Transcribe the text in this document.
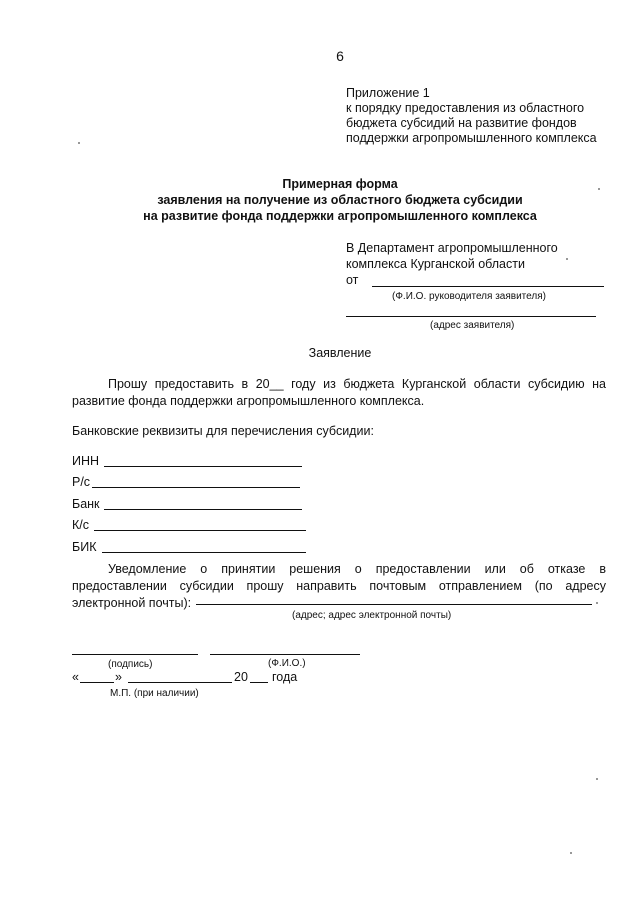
6
Приложение 1
к порядку предоставления из областного
бюджета субсидий на развитие фондов
поддержки агропромышленного комплекса
Примерная форма
заявления на получение из областного бюджета субсидии
на развитие фонда поддержки агропромышленного комплекса
В Департамент агропромышленного
комплекса Курганской области
от
(Ф.И.О. руководителя заявителя)
(адрес заявителя)
Заявление
Прошу предоставить в 20__ году из бюджета Курганской области субсидию на развитие фонда поддержки агропромышленного комплекса.
Банковские реквизиты для перечисления субсидии:
ИНН
Р/с
Банк
К/с
БИК
Уведомление о принятии решения о предоставлении или об отказе в предоставлении субсидии прошу направить почтовым отправлением (по адресу электронной почты):
(адрес; адрес электронной почты)
(подпись)	(Ф.И.О.)
«	»	20 года
М.П. (при наличии)
